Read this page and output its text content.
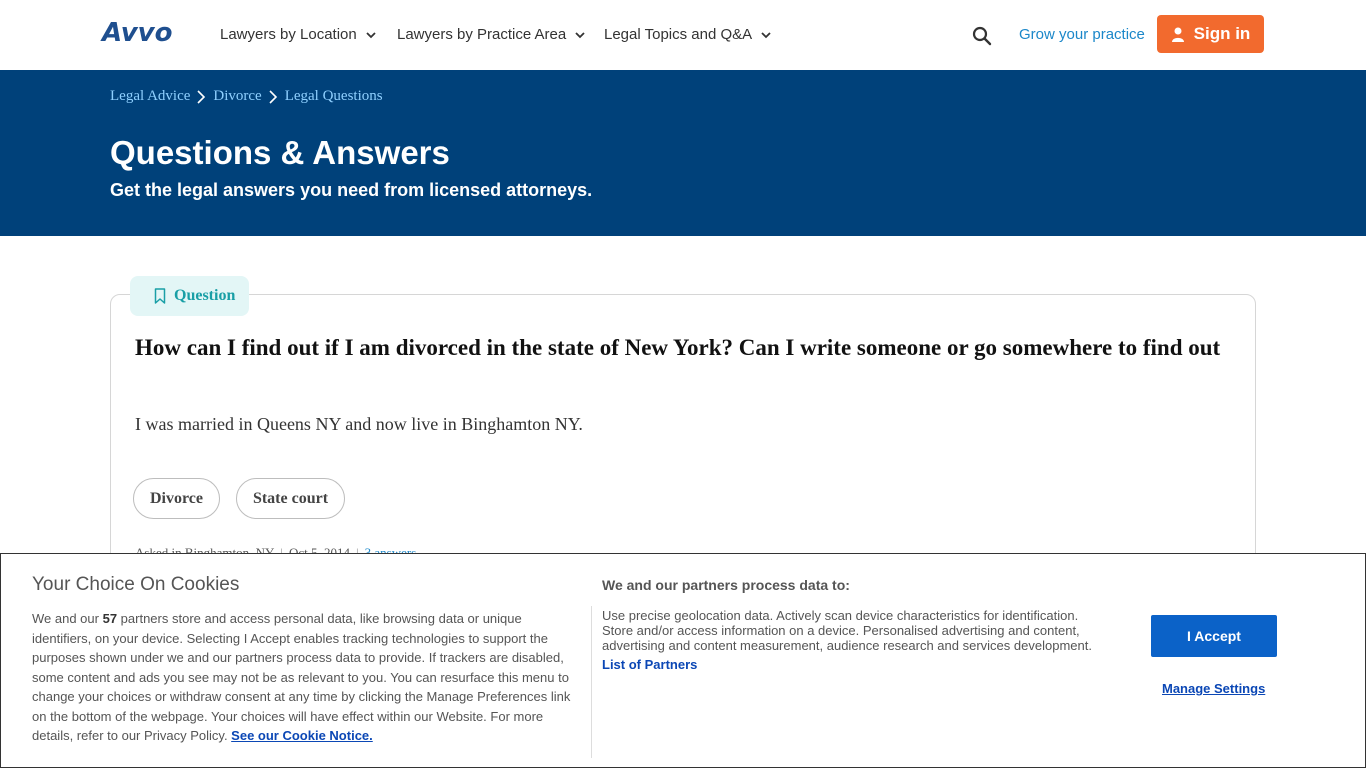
Avvo	Lawyers by Location	Lawyers by Practice Area	Legal Topics and Q&A	Grow your practice	Sign in
Legal Advice Divorce Legal Questions
Questions & Answers
Get the legal answers you need from licensed attorneys.
Question
How can I find out if I am divorced in the state of New York? Can I write someone or go somewhere to find out
I was married in Queens NY and now live in Binghamton NY.
Divorce	State court
Your Choice On Cookies
We and our 57 partners store and access personal data, like browsing data or unique identifiers, on your device. Selecting I Accept enables tracking technologies to support the purposes shown under we and our partners process data to provide. If trackers are disabled, some content and ads you see may not be as relevant to you. You can resurface this menu to change your choices or withdraw consent at any time by clicking the Manage Preferences link on the bottom of the webpage. Your choices will have effect within our Website. For more details, refer to our Privacy Policy. See our Cookie Notice.
We and our partners process data to:
Use precise geolocation data. Actively scan device characteristics for identification. Store and/or access information on a device. Personalised advertising and content, advertising and content measurement, audience research and services development.
List of Partners
I Accept
Manage Settings
